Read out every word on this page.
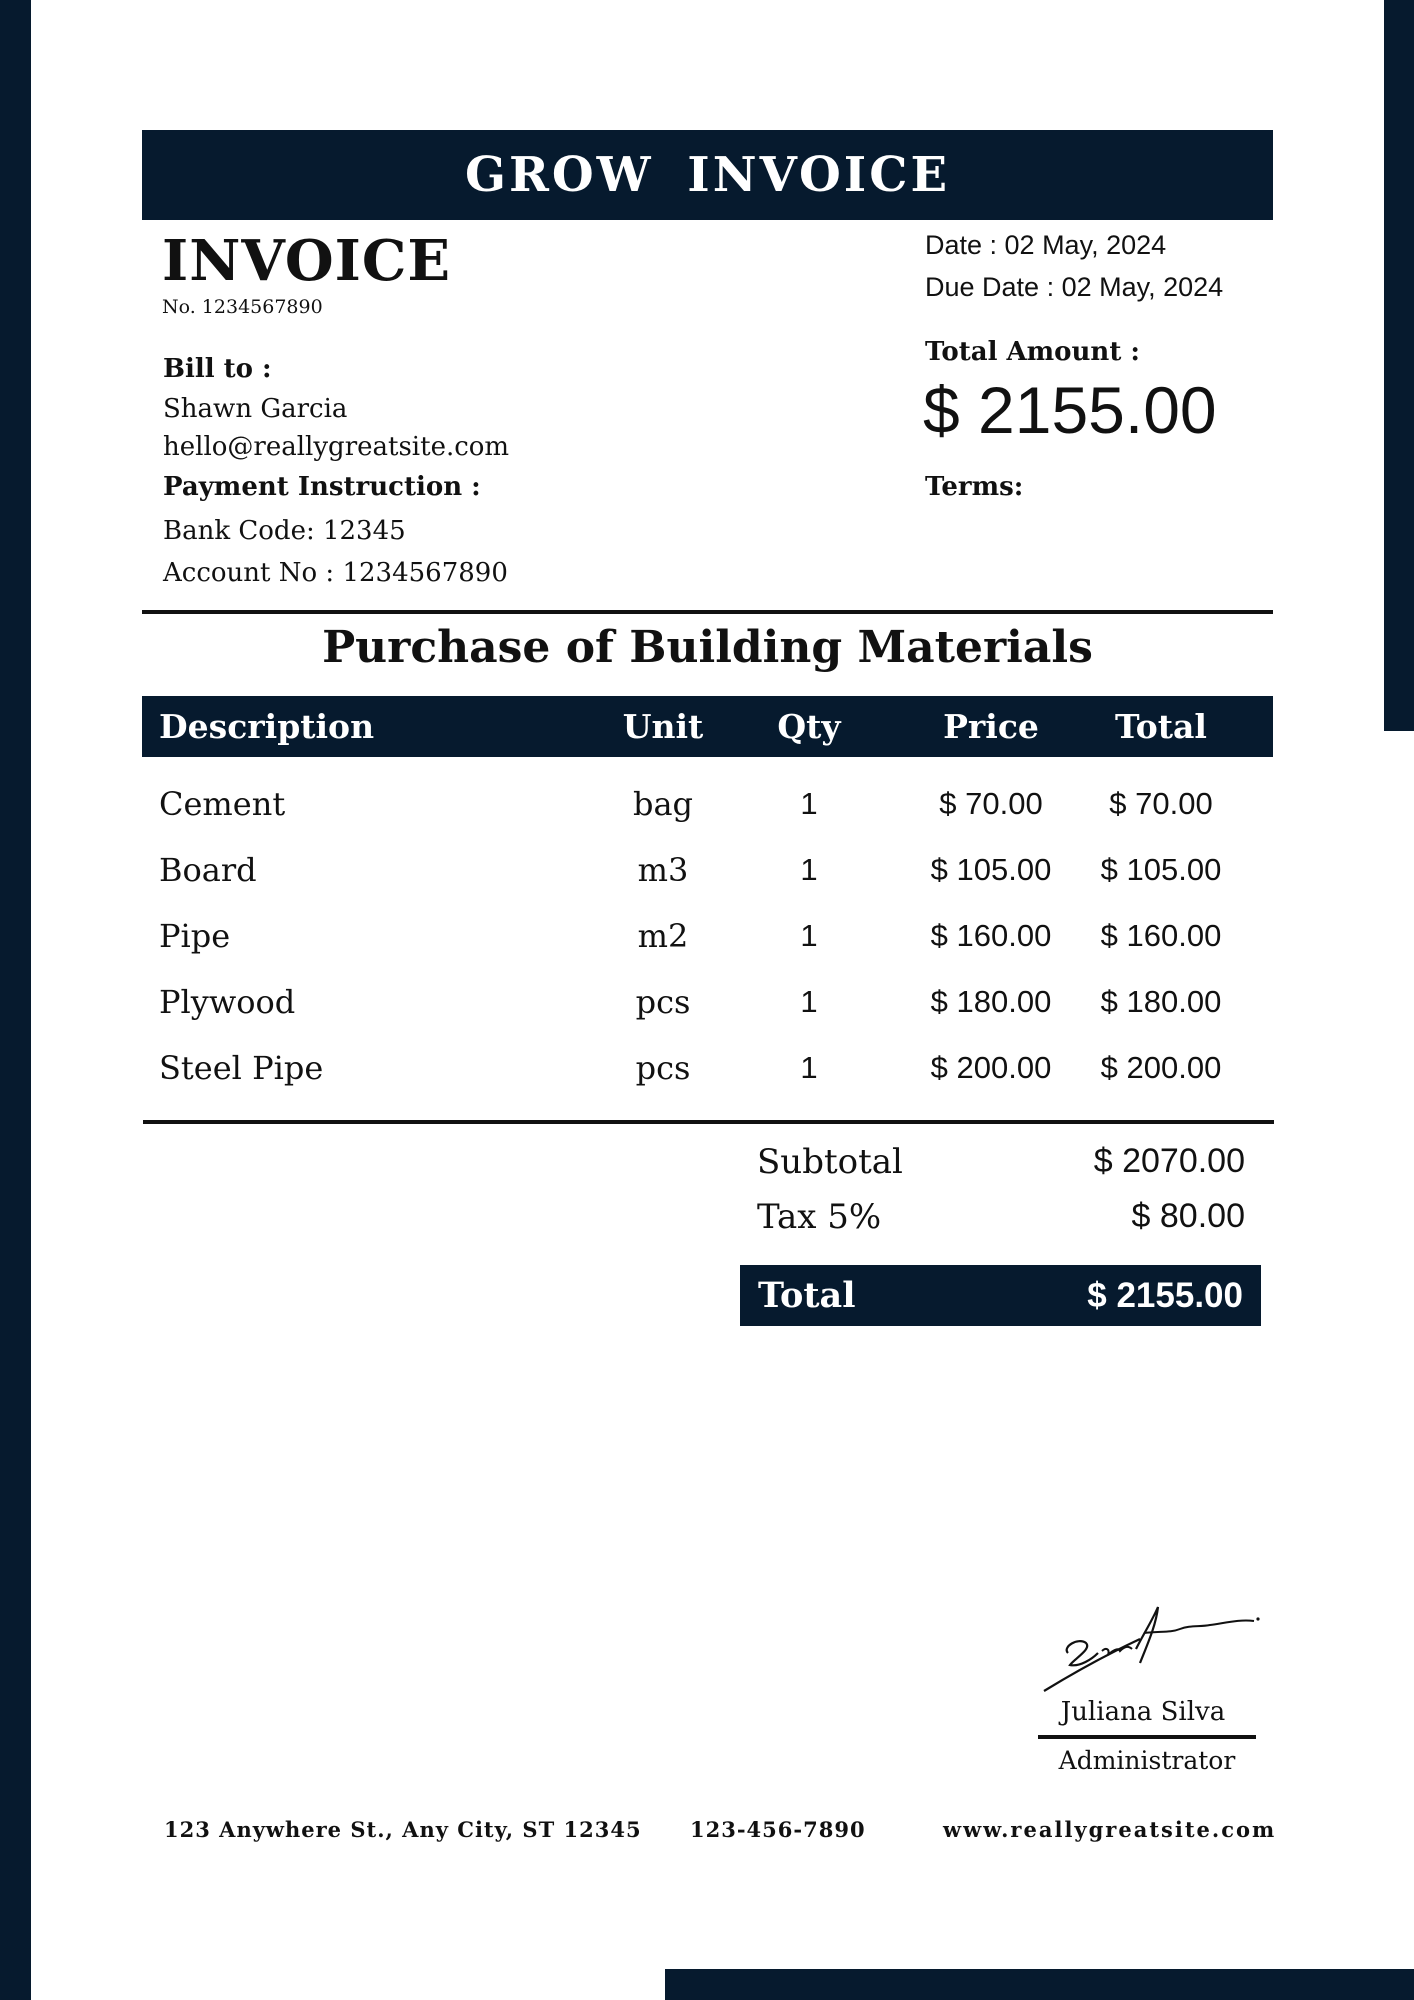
GROW INVOICE
INVOICE
No. 1234567890
Bill to :
Shawn Garcia
hello@reallygreatsite.com
Payment Instruction :
Bank Code: 12345
Account No : 1234567890
Date : 02 May, 2024
Due Date : 02 May, 2024
Total Amount :
$ 2155.00
Terms:
Purchase of Building Materials
Description	Unit	Qty	Price	Total
Cement	bag	1	$ 70.00	$ 70.00
Board	m3	1	$ 105.00	$ 105.00
Pipe	m2	1	$ 160.00	$ 160.00
Plywood	pcs	1	$ 180.00	$ 180.00
Steel Pipe	pcs	1	$ 200.00	$ 200.00
Subtotal	$ 2070.00
Tax 5%	$ 80.00
Total	$ 2155.00
Juliana Silva
Administrator
123 Anywhere St., Any City, ST 12345 123-456-7890	www.reallygreatsite.com
